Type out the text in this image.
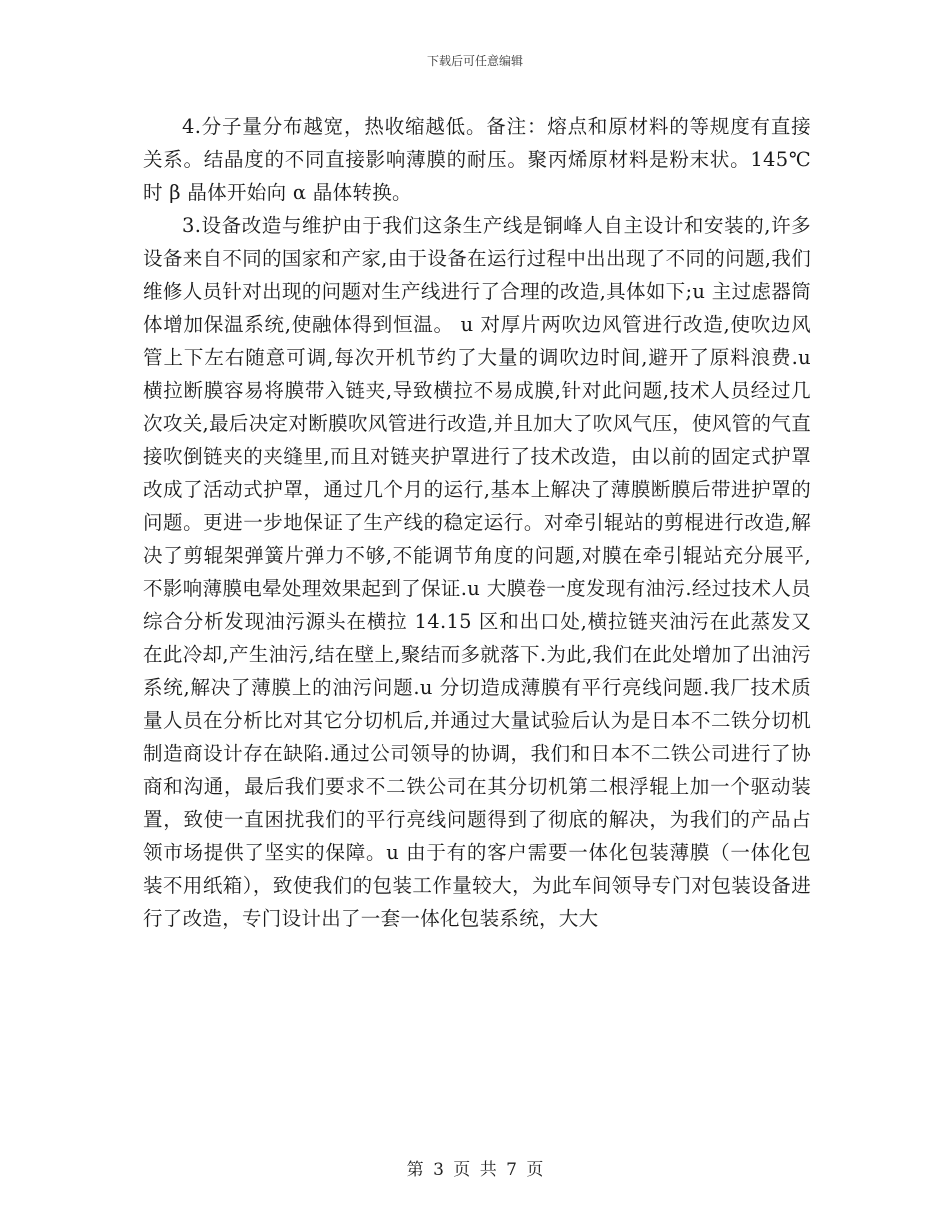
下载后可任意编辑

4.分子量分布越宽，热收缩越低。备注：熔点和原材料的等规度有直接关系。结晶度的不同直接影响薄膜的耐压。聚丙烯原材料是粉末状。145℃时 β 晶体开始向 α 晶体转换。

3.设备改造与维护由于我们这条生产线是铜峰人自主设计和安装的,许多设备来自不同的国家和产家,由于设备在运行过程中出出现了不同的问题,我们维修人员针对出现的问题对生产线进行了合理的改造,具体如下;u 主过虑器筒体增加保温系统,使融体得到恒温。 u 对厚片两吹边风管进行改造,使吹边风管上下左右随意可调,每次开机节约了大量的调吹边时间,避开了原料浪费.u 横拉断膜容易将膜带入链夹,导致横拉不易成膜,针对此问题,技术人员经过几次攻关,最后决定对断膜吹风管进行改造,并且加大了吹风气压，使风管的气直接吹倒链夹的夹缝里,而且对链夹护罩进行了技术改造，由以前的固定式护罩改成了活动式护罩，通过几个月的运行,基本上解决了薄膜断膜后带进护罩的问题。更进一步地保证了生产线的稳定运行。对牵引辊站的剪棍进行改造,解决了剪辊架弹簧片弹力不够,不能调节角度的问题,对膜在牵引辊站充分展平,不影响薄膜电晕处理效果起到了保证.u 大膜卷一度发现有油污.经过技术人员综合分析发现油污源头在横拉 14.15 区和出口处,横拉链夹油污在此蒸发又在此冷却,产生油污,结在壁上,聚结而多就落下.为此,我们在此处增加了出油污系统,解决了薄膜上的油污问题.u 分切造成薄膜有平行亮线问题.我厂技术质量人员在分析比对其它分切机后,并通过大量试验后认为是日本不二铁分切机制造商设计存在缺陷.通过公司领导的协调，我们和日本不二铁公司进行了协商和沟通，最后我们要求不二铁公司在其分切机第二根浮辊上加一个驱动装置，致使一直困扰我们的平行亮线问题得到了彻底的解决，为我们的产品占领市场提供了坚实的保障。u 由于有的客户需要一体化包装薄膜（一体化包装不用纸箱），致使我们的包装工作量较大，为此车间领导专门对包装设备进行了改造，专门设计出了一套一体化包装系统，大大

第 3 页 共 7 页
